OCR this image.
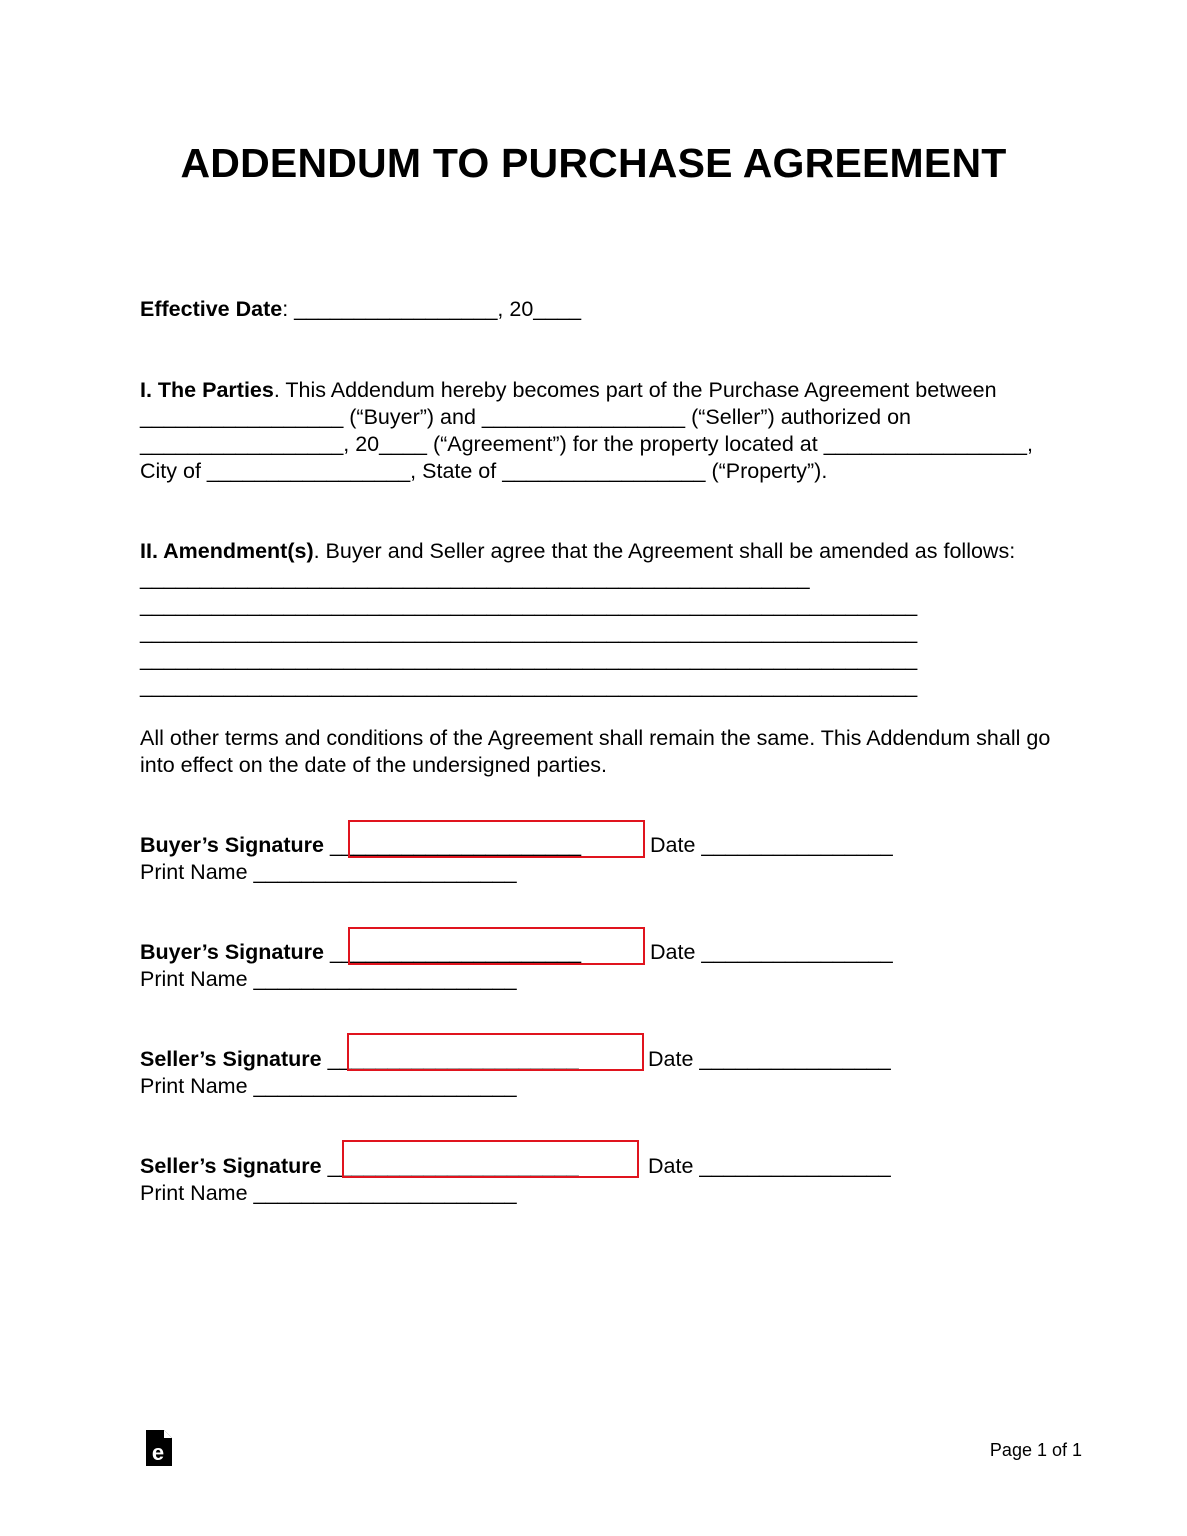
ADDENDUM TO PURCHASE AGREEMENT
Effective Date: _________________, 20____
I. The Parties. This Addendum hereby becomes part of the Purchase Agreement between _________________ (“Buyer”) and _________________ (“Seller”) authorized on _________________, 20____ (“Agreement”) for the property located at _________________, City of _________________, State of _________________ (“Property”).
II. Amendment(s). Buyer and Seller agree that the Agreement shall be amended as follows: ________________________________________________________
_________________________________________________________________
_________________________________________________________________
_________________________________________________________________
_________________________________________________________________
All other terms and conditions of the Agreement shall remain the same. This Addendum shall go into effect on the date of the undersigned parties.
Buyer’s Signature _____________________	Date ________________
Print Name ______________________
Buyer’s Signature _____________________	Date ________________
Print Name ______________________
Seller’s Signature _____________________	Date ________________
Print Name ______________________
Seller’s Signature _____________________	Date ________________
Print Name ______________________
e	Page 1 of 1
